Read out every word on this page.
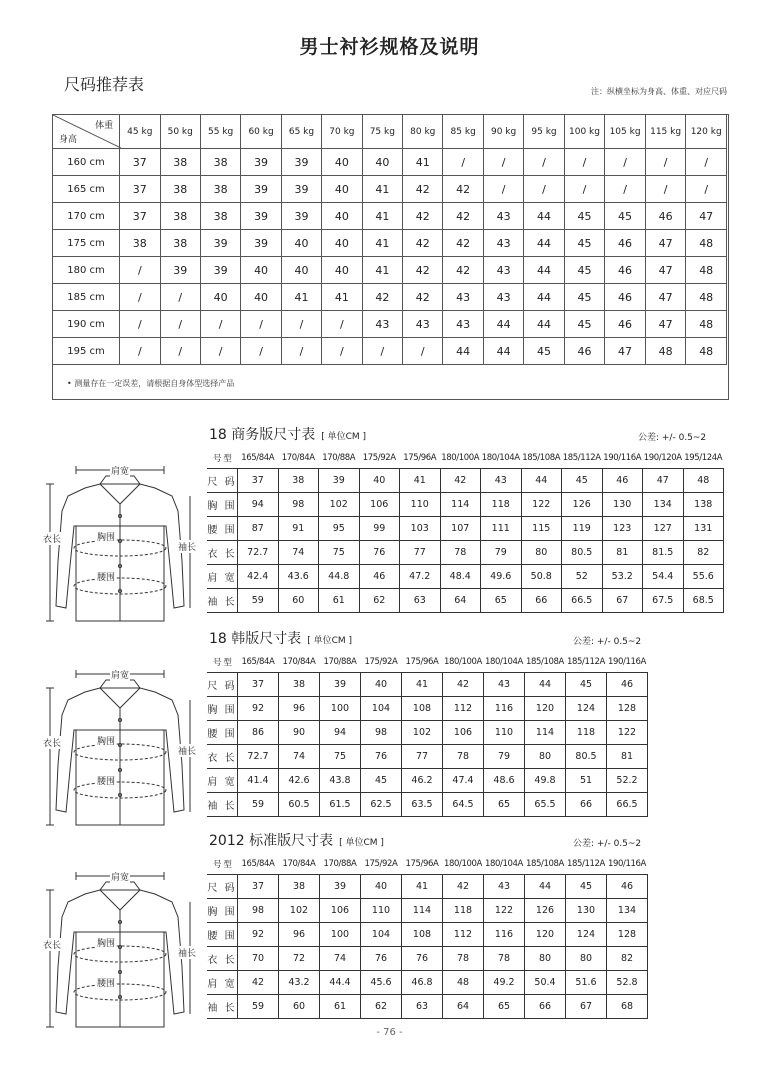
男士衬衫规格及说明
尺码推荐表	注：纵横坐标为身高、体重、对应尺码
体重
身高	45 kg	50 kg	55 kg	60 kg	65 kg	70 kg	75 kg	80 kg	85 kg	90 kg	95 kg	100 kg	105 kg	115 kg	120 kg
160 cm	37	38	38	39	39	40	40	41	/	/	/	/	/	/	/
165 cm	37	38	38	39	39	40	41	42	42	/	/	/	/	/	/
170 cm	37	38	38	39	39	40	41	42	42	43	44	45	45	46	47
175 cm	38	38	39	39	40	40	41	42	42	43	44	45	46	47	48
180 cm	/	39	39	40	40	40	41	42	42	43	44	45	46	47	48
185 cm	/	/	40	40	41	41	42	42	43	43	44	45	46	47	48
190 cm	/	/	/	/	/	/	43	43	43	44	44	45	46	47	48
195 cm	/	/	/	/	/	/	/	/	44	44	45	46	47	48	48
• 测量存在一定误差，请根据自身体型选择产品
肩宽
衣长
袖长
胸围
腰围
18 商务版尺寸表 [ 单位CM ]	公差: +/- 0.5~2
号 型	165/84A	170/84A	170/88A	175/92A	175/96A	180/100A	180/104A	185/108A	185/112A	190/116A	190/120A	195/124A
尺 码	37	38	39	40	41	42	43	44	45	46	47	48
胸 围	94	98	102	106	110	114	118	122	126	130	134	138
腰 围	87	91	95	99	103	107	111	115	119	123	127	131
衣 长	72.7	74	75	76	77	78	79	80	80.5	81	81.5	82
肩 宽	42.4	43.6	44.8	46	47.2	48.4	49.6	50.8	52	53.2	54.4	55.6
袖 长	59	60	61	62	63	64	65	66	66.5	67	67.5	68.5
肩宽
衣长
袖长
胸围
腰围
18 韩版尺寸表 [ 单位CM ]	公差: +/- 0.5~2
号 型	165/84A	170/84A	170/88A	175/92A	175/96A	180/100A	180/104A	185/108A	185/112A	190/116A
尺 码	37	38	39	40	41	42	43	44	45	46
胸 围	92	96	100	104	108	112	116	120	124	128
腰 围	86	90	94	98	102	106	110	114	118	122
衣 长	72.7	74	75	76	77	78	79	80	80.5	81
肩 宽	41.4	42.6	43.8	45	46.2	47.4	48.6	49.8	51	52.2
袖 长	59	60.5	61.5	62.5	63.5	64.5	65	65.5	66	66.5
肩宽
衣长
袖长
胸围
腰围
2012 标准版尺寸表 [ 单位CM ]	公差: +/- 0.5~2
号 型	165/84A	170/84A	170/88A	175/92A	175/96A	180/100A	180/104A	185/108A	185/112A	190/116A
尺 码	37	38	39	40	41	42	43	44	45	46
胸 围	98	102	106	110	114	118	122	126	130	134
腰 围	92	96	100	104	108	112	116	120	124	128
衣 长	70	72	74	76	76	78	78	80	80	82
肩 宽	42	43.2	44.4	45.6	46.8	48	49.2	50.4	51.6	52.8
袖 长	59	60	61	62	63	64	65	66	67	68
- 76 -
